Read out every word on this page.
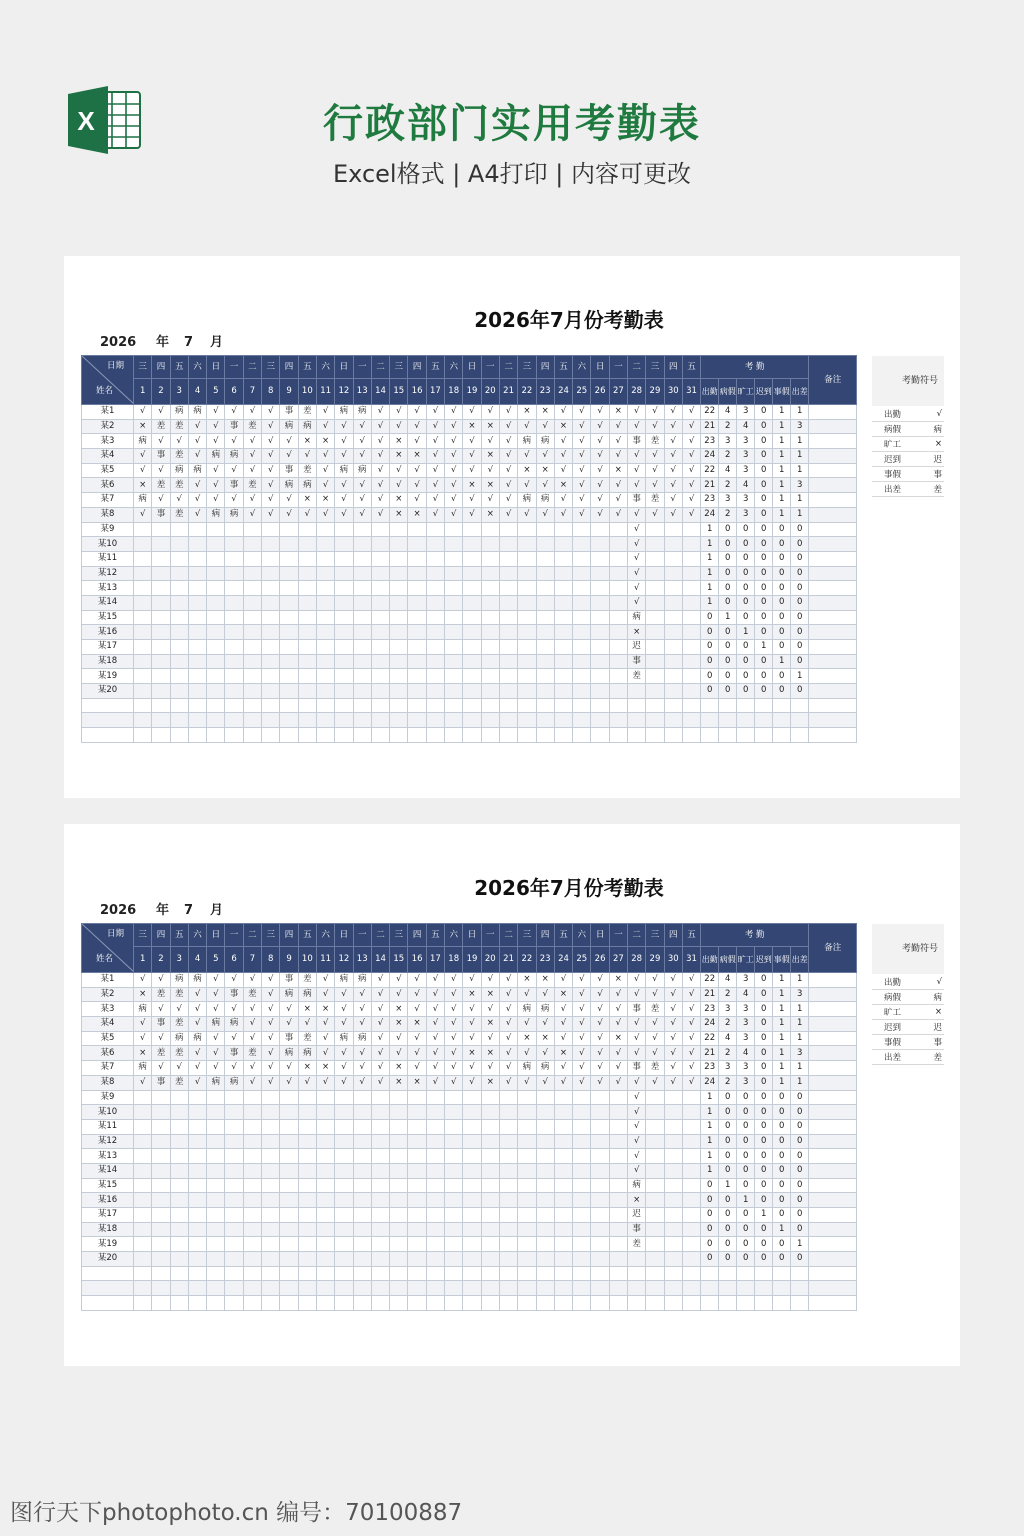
X	行政部门实用考勤表
Excel格式 | A4打印 | 内容可更改
2026年7月份考勤表
2026 年 7 月
日期
姓名	三	四	五	六	日	一	二	三	四	五	六	日	一	二	三	四	五	六	日	一	二	三	四	五	六	日	一	二	三	四	五	考 勤						备注
	1	2	3	4	5	6	7	8	9	10	11	12	13	14	15	16	17	18	19	20	21	22	23	24	25	26	27	28	29	30	31	出勤	病假	旷工	迟到	事假	出差	
某1	√	√	病	病	√	√	√	√	事	差	√	病	病	√	√	√	√	√	√	√	√	×	×	√	√	√	×	√	√	√	√	22	4	3	0	1	1	
某2	×	差	差	√	√	事	差	√	病	病	√	√	√	√	√	√	√	√	×	×	√	√	√	×	√	√	√	√	√	√	√	21	2	4	0	1	3	
某3	病	√	√	√	√	√	√	√	√	×	×	√	√	√	×	√	√	√	√	√	√	病	病	√	√	√	√	事	差	√	√	23	3	3	0	1	1	
某4	√	事	差	√	病	病	√	√	√	√	√	√	√	√	×	×	√	√	√	×	√	√	√	√	√	√	√	√	√	√	√	24	2	3	0	1	1	
某5	√	√	病	病	√	√	√	√	事	差	√	病	病	√	√	√	√	√	√	√	√	×	×	√	√	√	×	√	√	√	√	22	4	3	0	1	1	
某6	×	差	差	√	√	事	差	√	病	病	√	√	√	√	√	√	√	√	×	×	√	√	√	×	√	√	√	√	√	√	√	21	2	4	0	1	3	
某7	病	√	√	√	√	√	√	√	√	×	×	√	√	√	×	√	√	√	√	√	√	病	病	√	√	√	√	事	差	√	√	23	3	3	0	1	1	
某8	√	事	差	√	病	病	√	√	√	√	√	√	√	√	×	×	√	√	√	×	√	√	√	√	√	√	√	√	√	√	√	24	2	3	0	1	1	
某9																												√				1	0	0	0	0	0	
某10																												√				1	0	0	0	0	0	
某11																												√				1	0	0	0	0	0	
某12																												√				1	0	0	0	0	0	
某13																												√				1	0	0	0	0	0	
某14																												√				1	0	0	0	0	0	
某15																												病				0	1	0	0	0	0	
某16																												×				0	0	1	0	0	0	
某17																												迟				0	0	0	1	0	0	
某18																												事				0	0	0	0	1	0	
某19																												差				0	0	0	0	0	1	
某20																																0	0	0	0	0	0	

考勤符号
出勤	√
病假	病
旷工	×
迟到	迟
事假	事
出差	差
2026年7月份考勤表
2026 年 7 月
日期
姓名	三	四	五	六	日	一	二	三	四	五	六	日	一	二	三	四	五	六	日	一	二	三	四	五	六	日	一	二	三	四	五	考 勤						备注
	1	2	3	4	5	6	7	8	9	10	11	12	13	14	15	16	17	18	19	20	21	22	23	24	25	26	27	28	29	30	31	出勤	病假	旷工	迟到	事假	出差	
某1	√	√	病	病	√	√	√	√	事	差	√	病	病	√	√	√	√	√	√	√	√	×	×	√	√	√	×	√	√	√	√	22	4	3	0	1	1	
某2	×	差	差	√	√	事	差	√	病	病	√	√	√	√	√	√	√	√	×	×	√	√	√	×	√	√	√	√	√	√	√	21	2	4	0	1	3	
某3	病	√	√	√	√	√	√	√	√	×	×	√	√	√	×	√	√	√	√	√	√	病	病	√	√	√	√	事	差	√	√	23	3	3	0	1	1	
某4	√	事	差	√	病	病	√	√	√	√	√	√	√	√	×	×	√	√	√	×	√	√	√	√	√	√	√	√	√	√	√	24	2	3	0	1	1	
某5	√	√	病	病	√	√	√	√	事	差	√	病	病	√	√	√	√	√	√	√	√	×	×	√	√	√	×	√	√	√	√	22	4	3	0	1	1	
某6	×	差	差	√	√	事	差	√	病	病	√	√	√	√	√	√	√	√	×	×	√	√	√	×	√	√	√	√	√	√	√	21	2	4	0	1	3	
某7	病	√	√	√	√	√	√	√	√	×	×	√	√	√	×	√	√	√	√	√	√	病	病	√	√	√	√	事	差	√	√	23	3	3	0	1	1	
某8	√	事	差	√	病	病	√	√	√	√	√	√	√	√	×	×	√	√	√	×	√	√	√	√	√	√	√	√	√	√	√	24	2	3	0	1	1	
某9																												√				1	0	0	0	0	0	
某10																												√				1	0	0	0	0	0	
某11																												√				1	0	0	0	0	0	
某12																												√				1	0	0	0	0	0	
某13																												√				1	0	0	0	0	0	
某14																												√				1	0	0	0	0	0	
某15																												病				0	1	0	0	0	0	
某16																												×				0	0	1	0	0	0	
某17																												迟				0	0	0	1	0	0	
某18																												事				0	0	0	0	1	0	
某19																												差				0	0	0	0	0	1	
某20																																0	0	0	0	0	0	

考勤符号
出勤	√
病假	病
旷工	×
迟到	迟
事假	事
出差	差
图行天下photophoto.cn 编号：70100887
